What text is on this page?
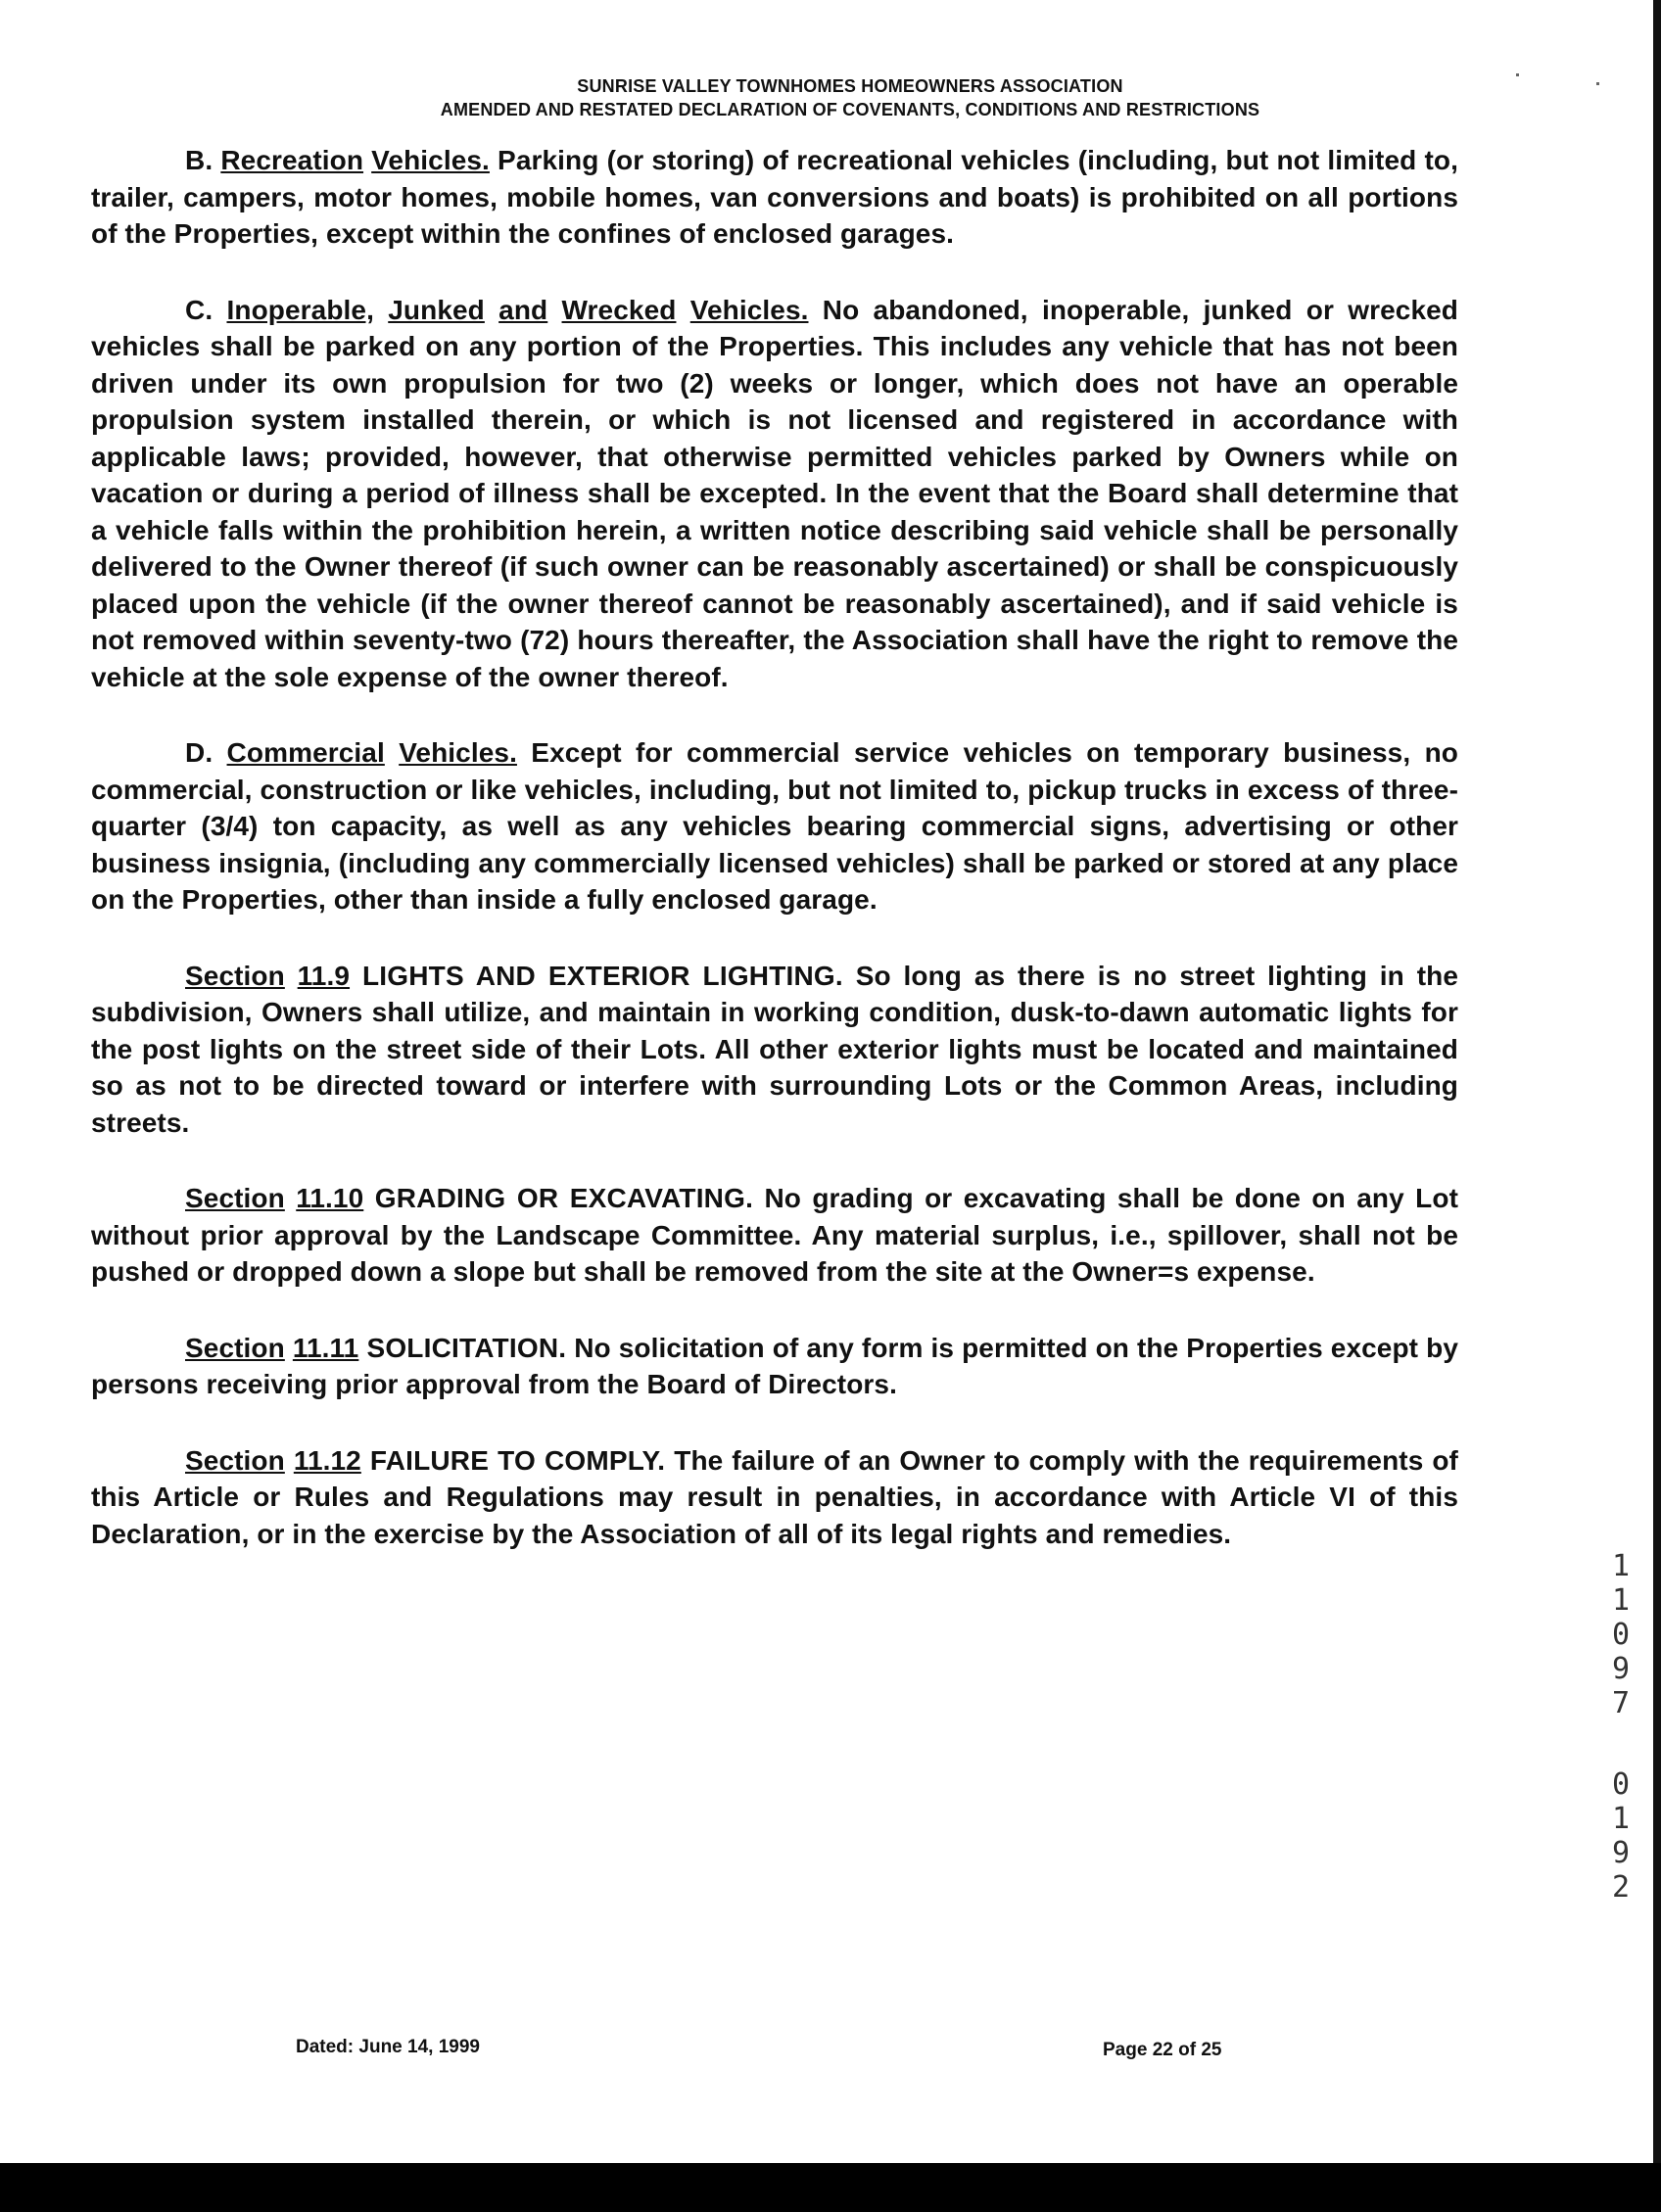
SUNRISE VALLEY TOWNHOMES HOMEOWNERS ASSOCIATION
AMENDED AND RESTATED DECLARATION OF COVENANTS, CONDITIONS AND RESTRICTIONS

B. Recreation Vehicles. Parking (or storing) of recreational vehicles (including, but not limited to, trailer, campers, motor homes, mobile homes, van conversions and boats) is prohibited on all portions of the Properties, except within the confines of enclosed garages.

C. Inoperable, Junked and Wrecked Vehicles. No abandoned, inoperable, junked or wrecked vehicles shall be parked on any portion of the Properties. This includes any vehicle that has not been driven under its own propulsion for two (2) weeks or longer, which does not have an operable propulsion system installed therein, or which is not licensed and registered in accordance with applicable laws; provided, however, that otherwise permitted vehicles parked by Owners while on vacation or during a period of illness shall be excepted. In the event that the Board shall determine that a vehicle falls within the prohibition herein, a written notice describing said vehicle shall be personally delivered to the Owner thereof (if such owner can be reasonably ascertained) or shall be conspicuously placed upon the vehicle (if the owner thereof cannot be reasonably ascertained), and if said vehicle is not removed within seventy-two (72) hours thereafter, the Association shall have the right to remove the vehicle at the sole expense of the owner thereof.

D. Commercial Vehicles. Except for commercial service vehicles on temporary business, no commercial, construction or like vehicles, including, but not limited to, pickup trucks in excess of three-quarter (3/4) ton capacity, as well as any vehicles bearing commercial signs, advertising or other business insignia, (including any commercially licensed vehicles) shall be parked or stored at any place on the Properties, other than inside a fully enclosed garage.

Section 11.9 LIGHTS AND EXTERIOR LIGHTING. So long as there is no street lighting in the subdivision, Owners shall utilize, and maintain in working condition, dusk-to-dawn automatic lights for the post lights on the street side of their Lots. All other exterior lights must be located and maintained so as not to be directed toward or interfere with surrounding Lots or the Common Areas, including streets.

Section 11.10 GRADING OR EXCAVATING. No grading or excavating shall be done on any Lot without prior approval by the Landscape Committee. Any material surplus, i.e., spillover, shall not be pushed or dropped down a slope but shall be removed from the site at the Owner=s expense.

Section 11.11 SOLICITATION. No solicitation of any form is permitted on the Properties except by persons receiving prior approval from the Board of Directors.

Section 11.12 FAILURE TO COMPLY. The failure of an Owner to comply with the requirements of this Article or Rules and Regulations may result in penalties, in accordance with Article VI of this Declaration, or in the exercise by the Association of all of its legal rights and remedies.

1
1
0
9
7
0
1
9
2
Dated: June 14, 1999	Page 22 of 25
